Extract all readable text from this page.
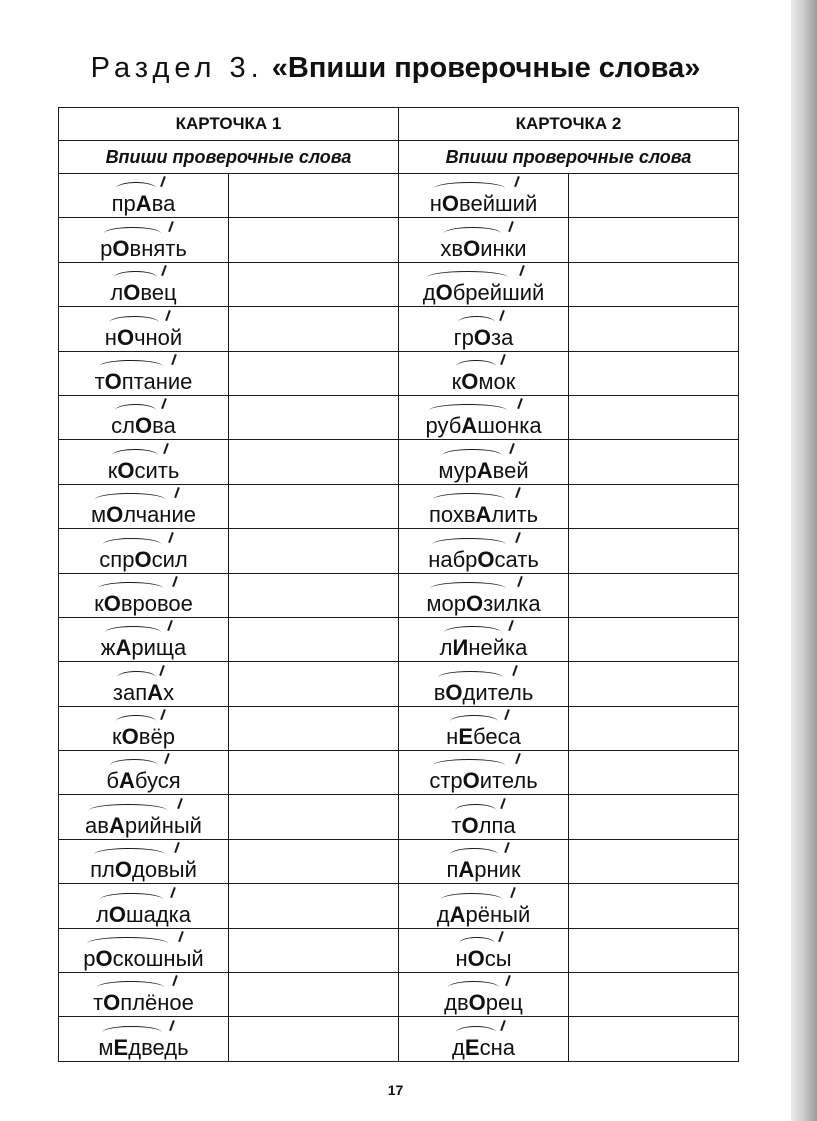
Раздел 3. «Впиши проверочные слова»
КАРТОЧКА 1		КАРТОЧКА 2	
Впиши проверочные слова		Впиши проверочные слова	
прАва		нОвейший	
рОвнять		хвОинки	
лОвец		дОбрейший	
нОчной		грОза	
тОптание		кОмок	
слОва		рубАшонка	
кОсить		мурАвей	
мОлчание		похвАлить	
спрОсил		набрОсать	
кОвровое		морОзилка	
жАрища		лИнейка	
запАх		вОдитель	
кОвёр		нЕбеса	
бАбуся		стрОитель	
авАрийный		тОлпа	
плОдовый		пАрник	
лОшадка		дАрёный	
рОскошный		нОсы	
тОплёное		двОрец	
мЕдведь		дЕсна	
17
